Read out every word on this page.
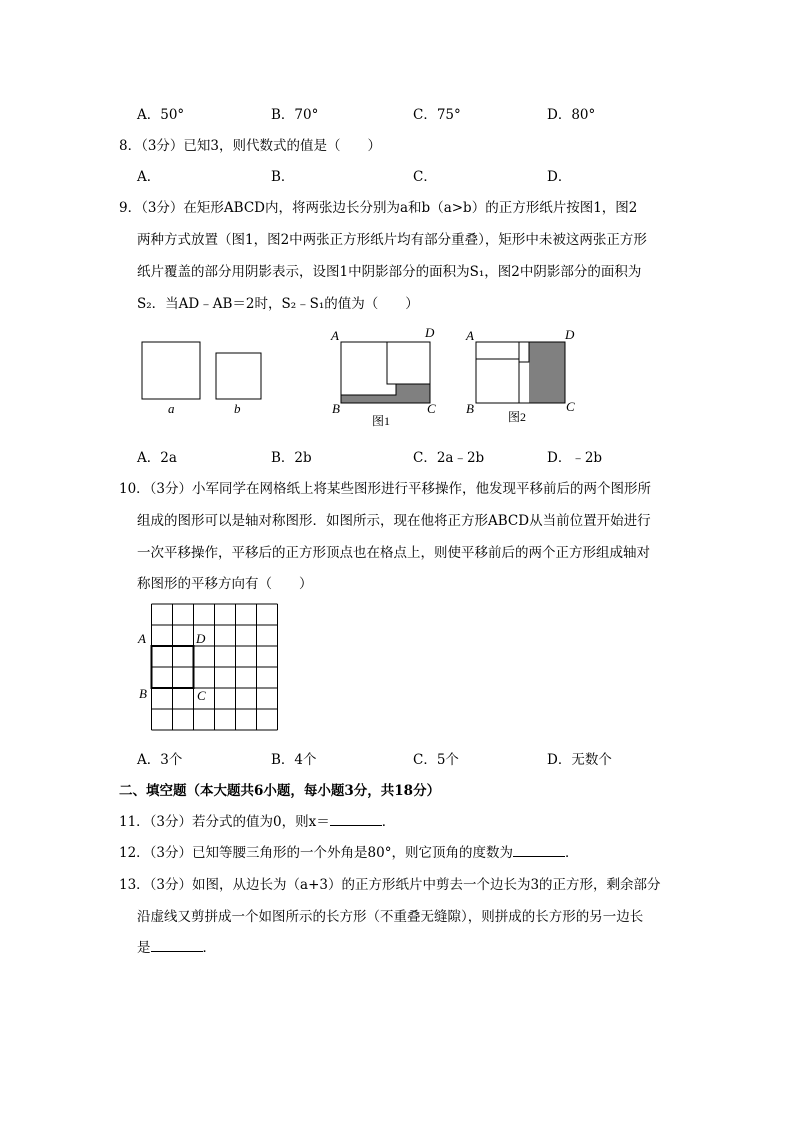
A．50°	B．70°	C．75°	D．80°
8．（3分）已知3，则代数式的值是（　　）
A．	B．	C．	D．
9．（3分）在矩形ABCD内，将两张边长分别为a和b（a>b）的正方形纸片按图1，图2
两种方式放置（图1，图2中两张正方形纸片均有部分重叠），矩形中未被这两张正方形
纸片覆盖的部分用阴影表示，设图1中阴影部分的面积为S₁，图2中阴影部分的面积为
S₂．当AD﹣AB＝2时，S₂﹣S₁的值为（　　）
a	b
A	D
B	C
图1
A	D
B	C
图2
A．2a	B．2b	C．2a﹣2b	D．﹣2b
10．（3分）小军同学在网格纸上将某些图形进行平移操作，他发现平移前后的两个图形所
组成的图形可以是轴对称图形．如图所示，现在他将正方形ABCD从当前位置开始进行
一次平移操作，平移后的正方形顶点也在格点上，则使平移前后的两个正方形组成轴对
称图形的平移方向有（　　）
A	D
B	C
A．3个	B．4个	C．5个	D．无数个
二、填空题（本大题共6小题，每小题3分，共18分）
11．（3分）若分式的值为0，则x＝	．
12．（3分）已知等腰三角形的一个外角是80°，则它顶角的度数为	．
13．（3分）如图，从边长为（a+3）的正方形纸片中剪去一个边长为3的正方形，剩余部分
沿虚线又剪拼成一个如图所示的长方形（不重叠无缝隙），则拼成的长方形的另一边长
是	．
